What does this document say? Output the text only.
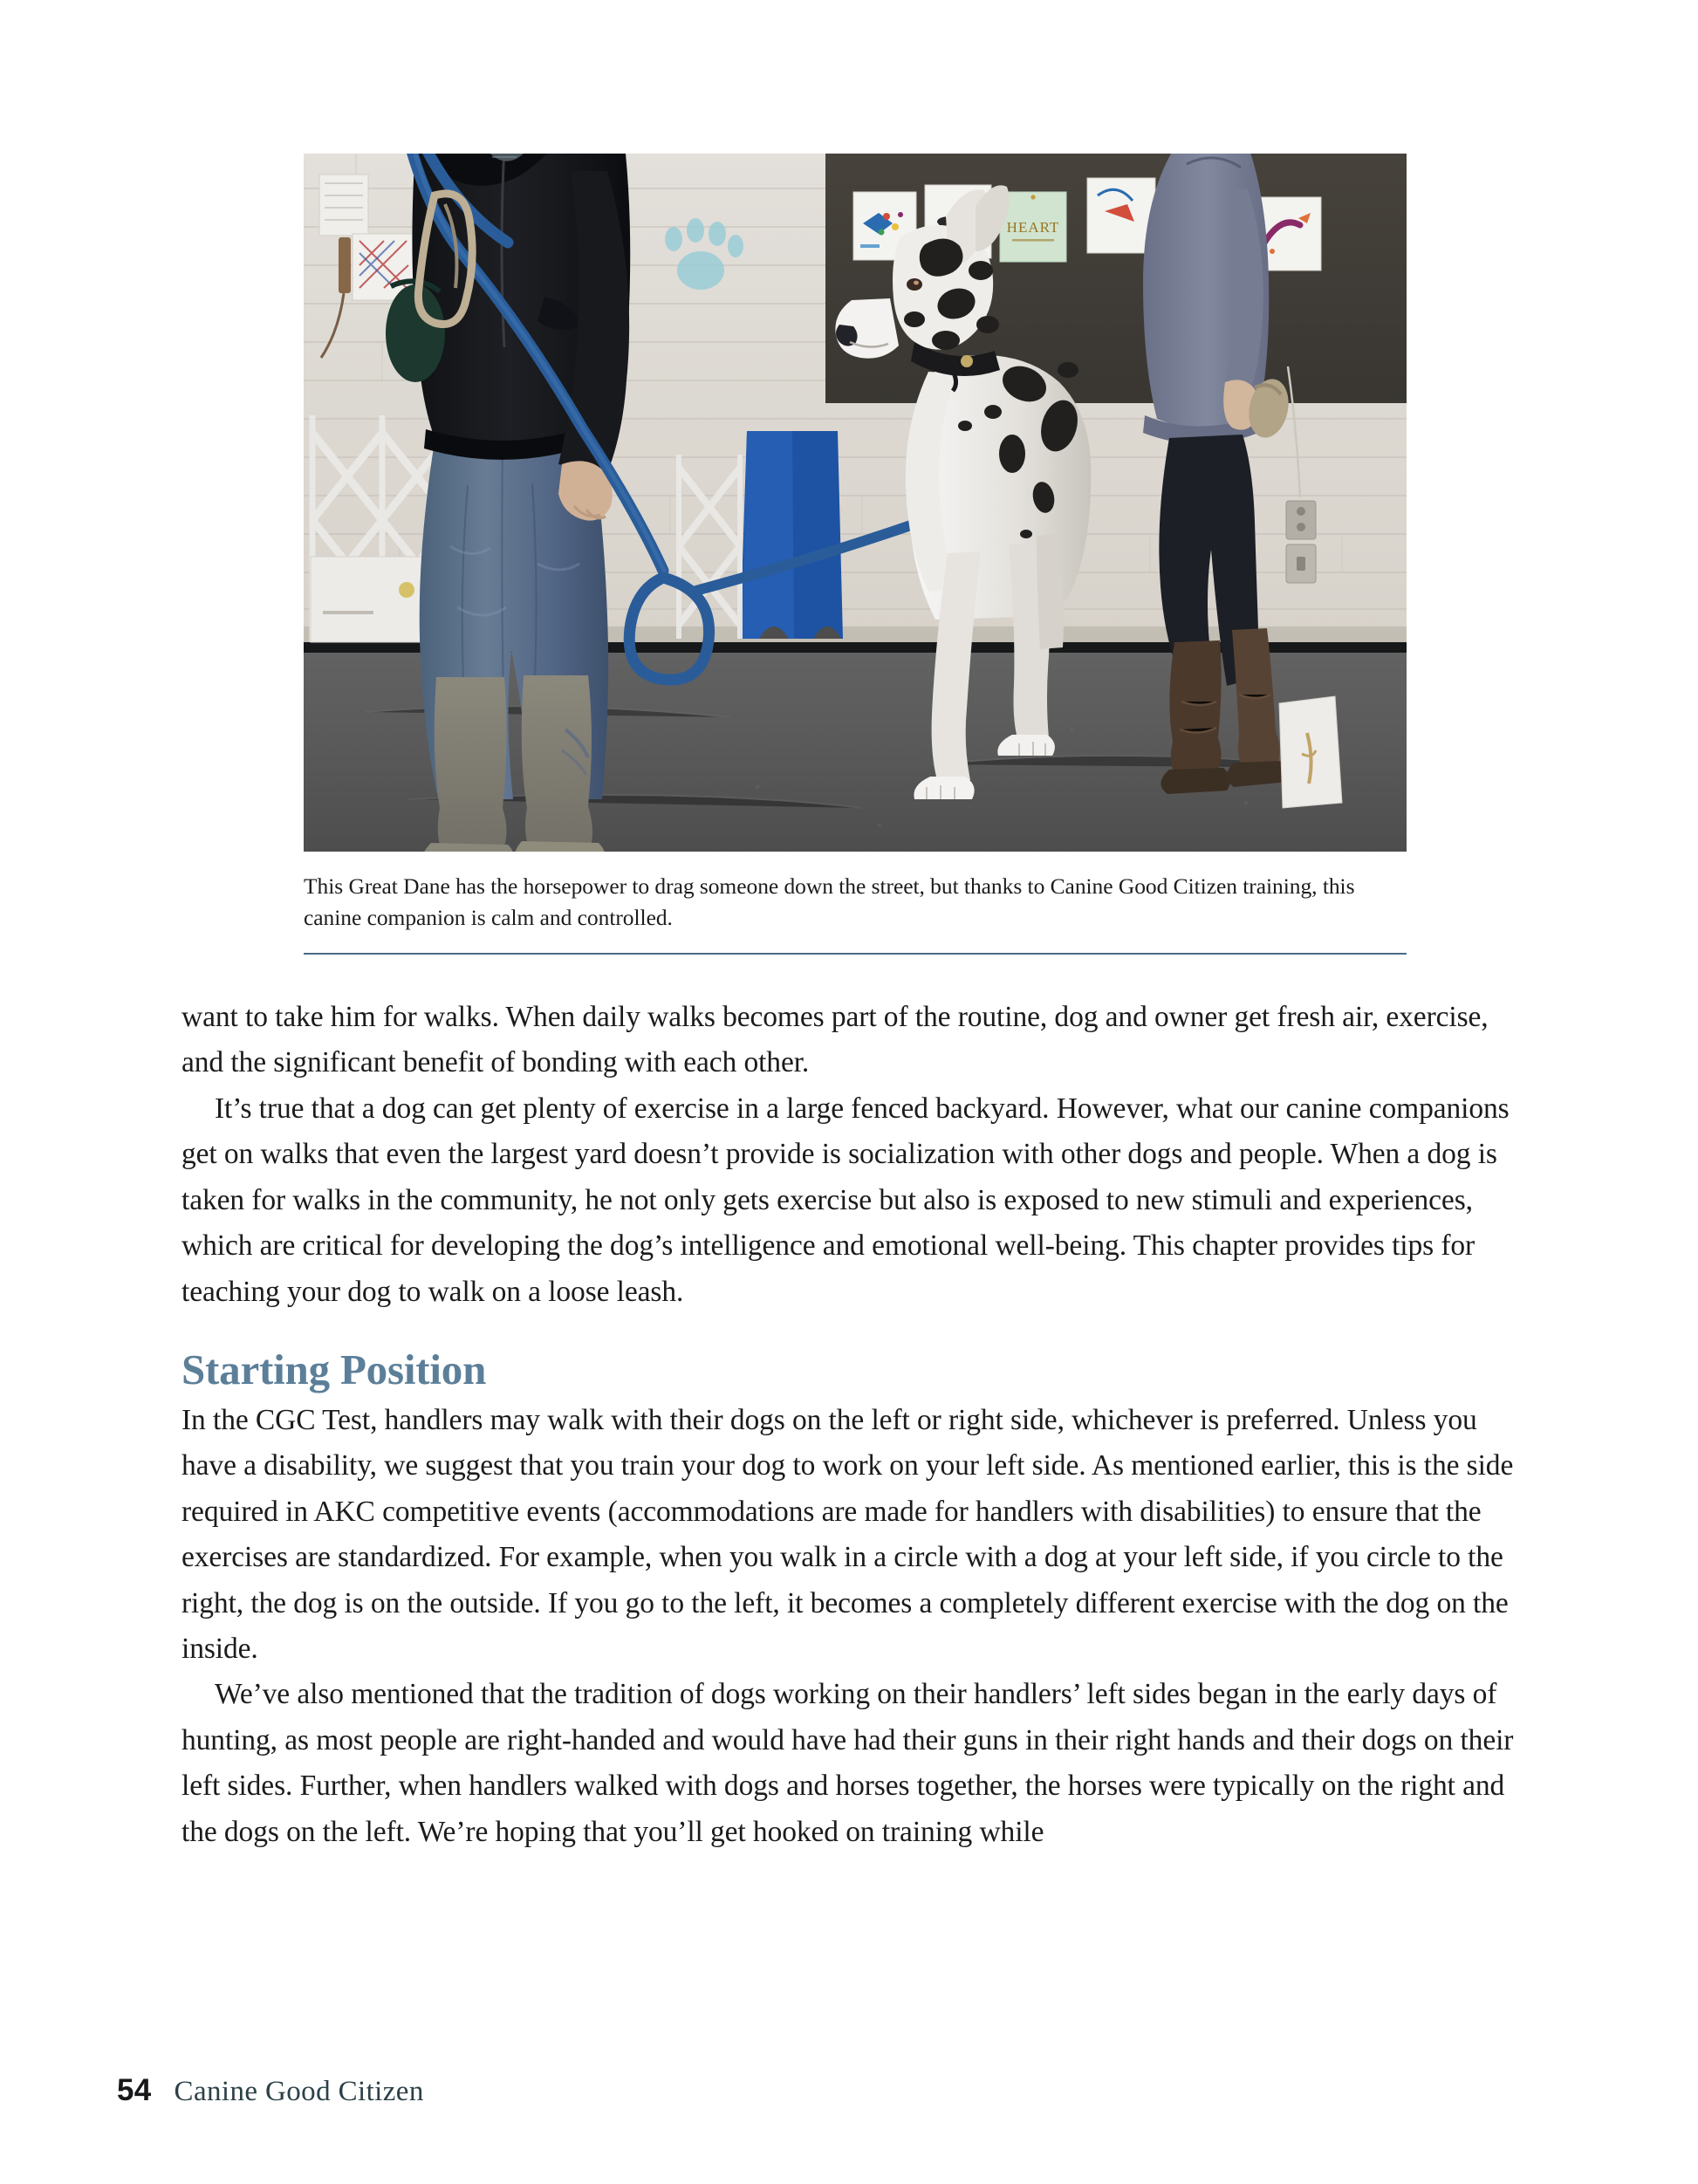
HEART
This Great Dane has the horsepower to drag someone down the street, but thanks to Canine Good Citizen training, this canine companion is calm and controlled.

want to take him for walks. When daily walks becomes part of the routine, dog and owner get fresh air, exercise, and the significant benefit of bonding with each other.

It’s true that a dog can get plenty of exercise in a large fenced backyard. However, what our canine companions get on walks that even the largest yard doesn’t provide is socialization with other dogs and people. When a dog is taken for walks in the community, he not only gets exercise but also is exposed to new stimuli and experiences, which are critical for developing the dog’s intelligence and emotional well-being. This chapter provides tips for teaching your dog to walk on a loose leash.

Starting Position

In the CGC Test, handlers may walk with their dogs on the left or right side, whichever is preferred. Unless you have a disability, we suggest that you train your dog to work on your left side. As mentioned earlier, this is the side required in AKC competitive events (accommodations are made for handlers with disabilities) to ensure that the exercises are standardized. For example, when you walk in a circle with a dog at your left side, if you circle to the right, the dog is on the outside. If you go to the left, it becomes a completely different exercise with the dog on the inside.

We’ve also mentioned that the tradition of dogs working on their handlers’ left sides began in the early days of hunting, as most people are right-handed and would have had their guns in their right hands and their dogs on their left sides. Further, when handlers walked with dogs and horses together, the horses were typically on the right and the dogs on the left. We’re hoping that you’ll get hooked on training while

54 Canine Good Citizen
